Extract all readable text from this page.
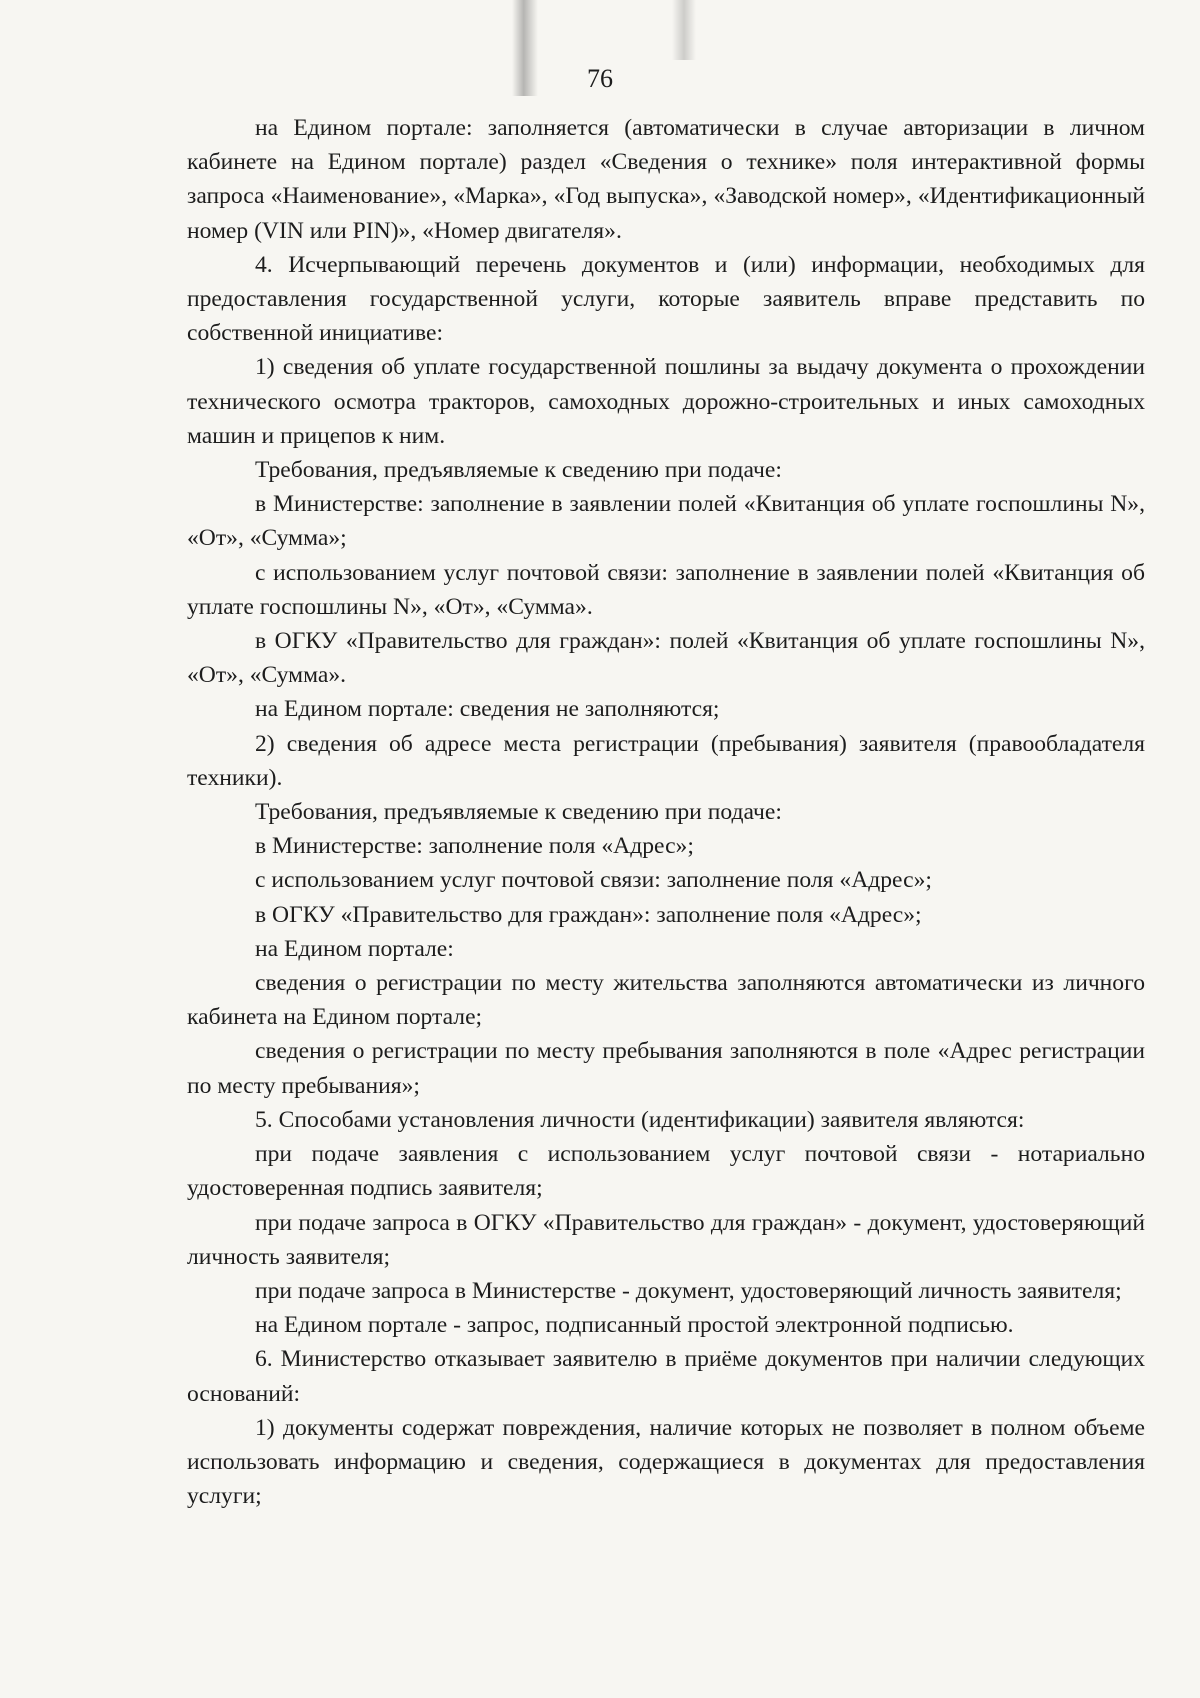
76

на Едином портале: заполняется (автоматически в случае авторизации в личном кабинете на Едином портале) раздел «Сведения о технике» поля интерактивной формы запроса «Наименование», «Марка», «Год выпуска», «Заводской номер», «Идентификационный номер (VIN или PIN)», «Номер двигателя».

4. Исчерпывающий перечень документов и (или) информации, необходимых для предоставления государственной услуги, которые заявитель вправе представить по собственной инициативе:

1) сведения об уплате государственной пошлины за выдачу документа о прохождении технического осмотра тракторов, самоходных дорожно-строительных и иных самоходных машин и прицепов к ним.

Требования, предъявляемые к сведению при подаче:

в Министерстве: заполнение в заявлении полей «Квитанция об уплате госпошлины N», «От», «Сумма»;

с использованием услуг почтовой связи: заполнение в заявлении полей «Квитанция об уплате госпошлины N», «От», «Сумма».

в ОГКУ «Правительство для граждан»: полей «Квитанция об уплате госпошлины N», «От», «Сумма».

на Едином портале: сведения не заполняются;

2) сведения об адресе места регистрации (пребывания) заявителя (правообладателя техники).

Требования, предъявляемые к сведению при подаче:

в Министерстве: заполнение поля «Адрес»;

с использованием услуг почтовой связи: заполнение поля «Адрес»;

в ОГКУ «Правительство для граждан»: заполнение поля «Адрес»;

на Едином портале:

сведения о регистрации по месту жительства заполняются автоматически из личного кабинета на Едином портале;

сведения о регистрации по месту пребывания заполняются в поле «Адрес регистрации по месту пребывания»;

5. Способами установления личности (идентификации) заявителя являются:

при подаче заявления с использованием услуг почтовой связи - нотариально удостоверенная подпись заявителя;

при подаче запроса в ОГКУ «Правительство для граждан» - документ, удостоверяющий личность заявителя;

при подаче запроса в Министерстве - документ, удостоверяющий личность заявителя;

на Едином портале - запрос, подписанный простой электронной подписью.

6. Министерство отказывает заявителю в приёме документов при наличии следующих оснований:

1) документы содержат повреждения, наличие которых не позволяет в полном объеме использовать информацию и сведения, содержащиеся в документах для предоставления услуги;
